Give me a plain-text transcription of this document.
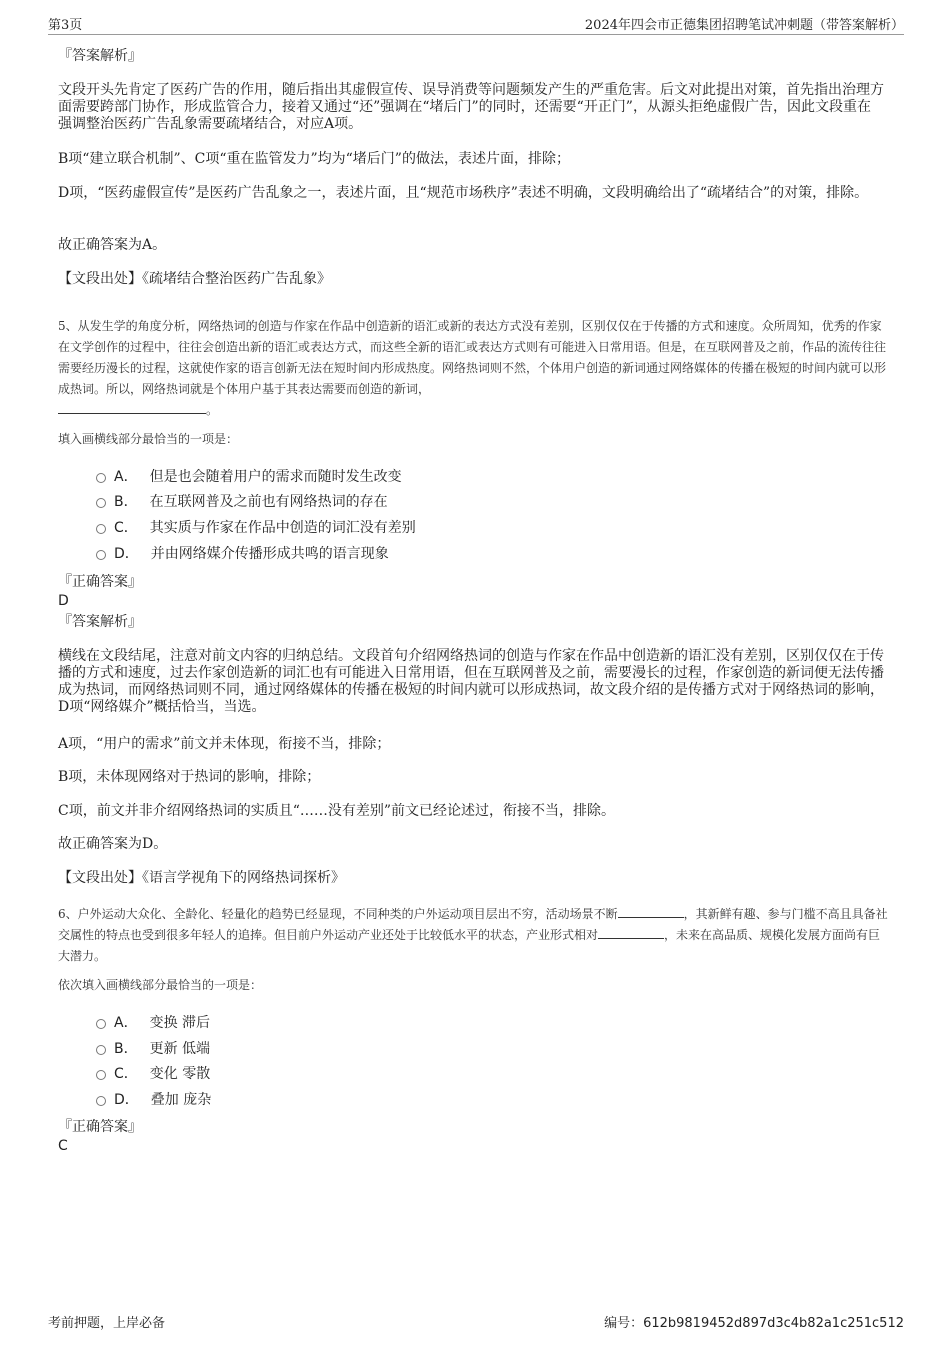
第3页	2024年四会市正德集团招聘笔试冲刺题（带答案解析）
『答案解析』
文段开头先肯定了医药广告的作用，随后指出其虚假宣传、误导消费等问题频发产生的严重危害。后文对此提出对策，首先指出治理方面需要跨部门协作，形成监管合力，接着又通过“还”强调在“堵后门”的同时，还需要“开正门”，从源头拒绝虚假广告，因此文段重在强调整治医药广告乱象需要疏堵结合，对应A项。
B项“建立联合机制”、C项“重在监管发力”均为“堵后门”的做法，表述片面，排除；
D项，“医药虚假宣传”是医药广告乱象之一，表述片面，且“规范市场秩序”表述不明确，文段明确给出了“疏堵结合”的对策，排除。
故正确答案为A。
【文段出处】《疏堵结合整治医药广告乱象》
5、从发生学的角度分析，网络热词的创造与作家在作品中创造新的语汇或新的表达方式没有差别，区别仅仅在于传播的方式和速度。众所周知，优秀的作家在文学创作的过程中，往往会创造出新的语汇或表达方式，而这些全新的语汇或表达方式则有可能进入日常用语。但是，在互联网普及之前，作品的流传往往需要经历漫长的过程，这就使作家的语言创新无法在短时间内形成热度。网络热词则不然，个体用户创造的新词通过网络媒体的传播在极短的时间内就可以形成热词。所以，网络热词就是个体用户基于其表达需要而创造的新词，
。
填入画横线部分最恰当的一项是：
A． 但是也会随着用户的需求而随时发生改变
B． 在互联网普及之前也有网络热词的存在
C． 其实质与作家在作品中创造的词汇没有差别
D． 并由网络媒介传播形成共鸣的语言现象
『正确答案』
D
『答案解析』
横线在文段结尾，注意对前文内容的归纳总结。文段首句介绍网络热词的创造与作家在作品中创造新的语汇没有差别，区别仅仅在于传播的方式和速度，过去作家创造新的词汇也有可能进入日常用语，但在互联网普及之前，需要漫长的过程，作家创造的新词便无法传播成为热词，而网络热词则不同，通过网络媒体的传播在极短的时间内就可以形成热词，故文段介绍的是传播方式对于网络热词的影响，D项“网络媒介”概括恰当，当选。
A项，“用户的需求”前文并未体现，衔接不当，排除；
B项，未体现网络对于热词的影响，排除；
C项，前文并非介绍网络热词的实质且“……没有差别”前文已经论述过，衔接不当，排除。
故正确答案为D。
【文段出处】《语言学视角下的网络热词探析》
6、户外运动大众化、全龄化、轻量化的趋势已经显现，不同种类的户外运动项目层出不穷，活动场景不断	，其新鲜有趣、参与门槛不高且具备社交属性的特点也受到很多年轻人的追捧。但目前户外运动产业还处于比较低水平的状态，产业形式相对	，未来在高品质、规模化发展方面尚有巨大潜力。
依次填入画横线部分最恰当的一项是：
A． 变换 滞后
B． 更新 低端
C． 变化 零散
D． 叠加 庞杂
『正确答案』
C
考前押题，上岸必备	编号：612b9819452d897d3c4b82a1c251c512
